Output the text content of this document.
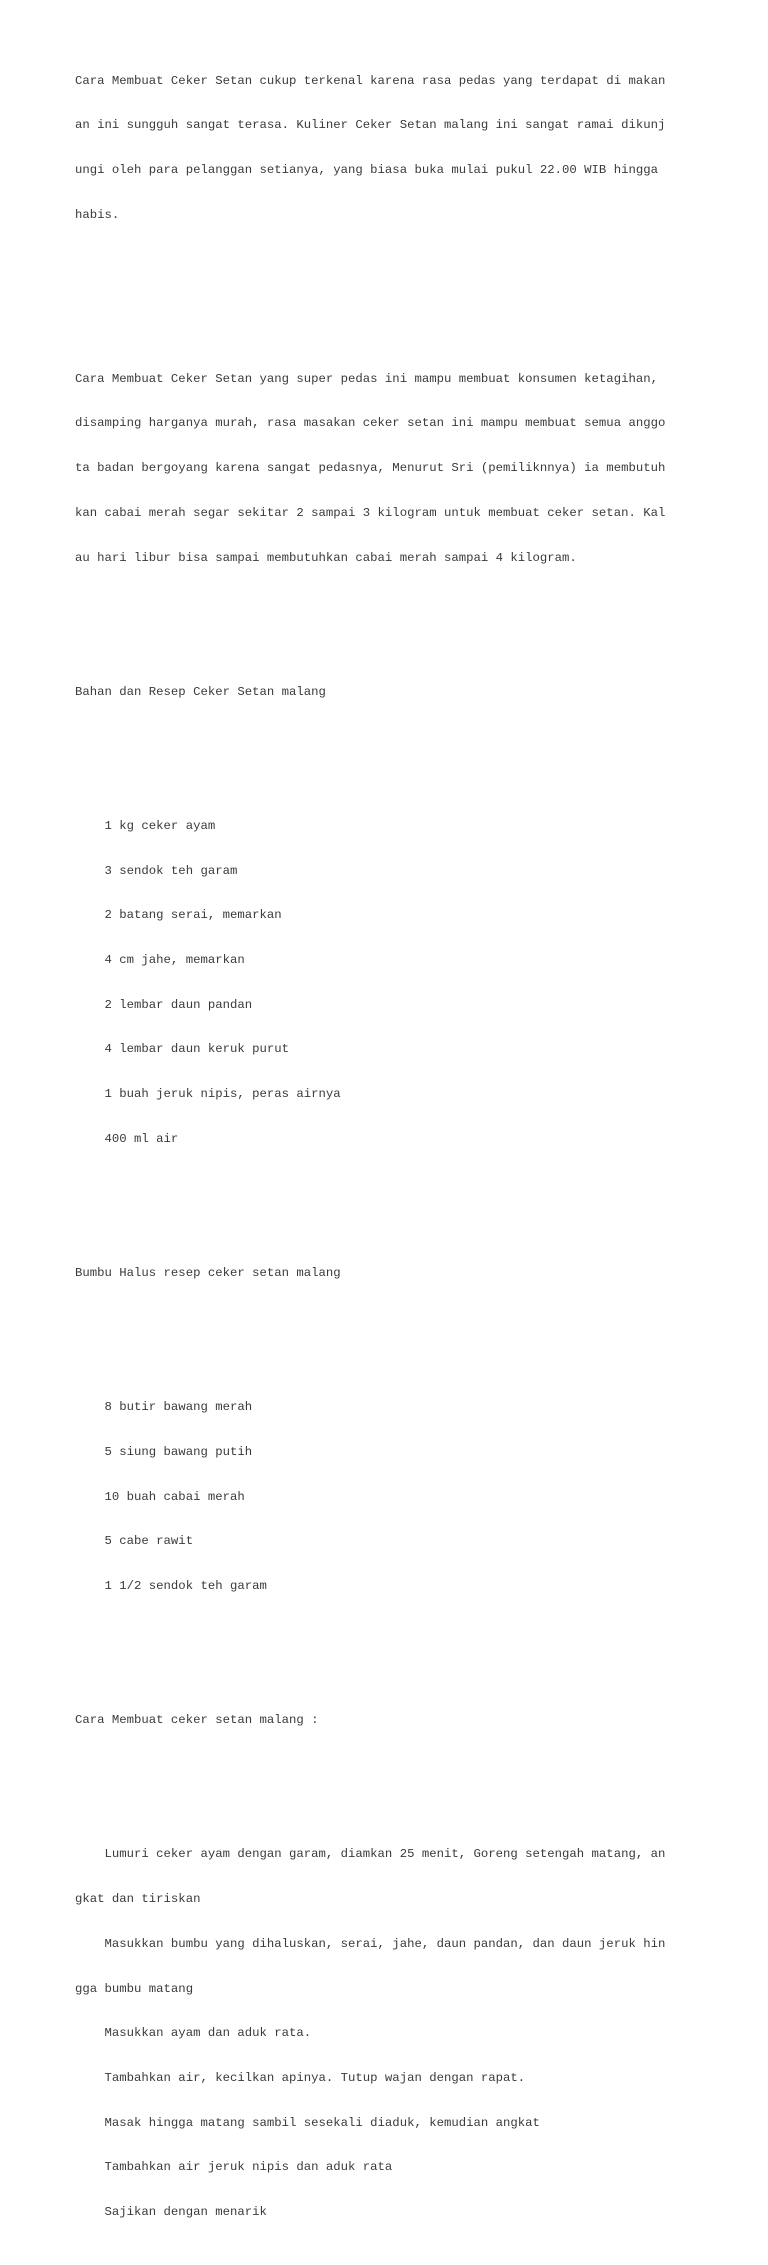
Cara Membuat Ceker Setan cukup terkenal karena rasa pedas yang terdapat di makan

an ini sungguh sangat terasa. Kuliner Ceker Setan malang ini sangat ramai dikunj

ungi oleh para pelanggan setianya, yang biasa buka mulai pukul 22.00 WIB hingga

habis.

Cara Membuat Ceker Setan yang super pedas ini mampu membuat konsumen ketagihan,

disamping harganya murah, rasa masakan ceker setan ini mampu membuat semua anggo

ta badan bergoyang karena sangat pedasnya, Menurut Sri (pemiliknnya) ia membutuh

kan cabai merah segar sekitar 2 sampai 3 kilogram untuk membuat ceker setan. Kal

au hari libur bisa sampai membutuhkan cabai merah sampai 4 kilogram.

Bahan dan Resep Ceker Setan malang

1 kg ceker ayam

3 sendok teh garam

2 batang serai, memarkan

4 cm jahe, memarkan

2 lembar daun pandan

4 lembar daun keruk purut

1 buah jeruk nipis, peras airnya

400 ml air

Bumbu Halus resep ceker setan malang

8 butir bawang merah

5 siung bawang putih

10 buah cabai merah

5 cabe rawit

1 1/2 sendok teh garam

Cara Membuat ceker setan malang :

Lumuri ceker ayam dengan garam, diamkan 25 menit, Goreng setengah matang, an

gkat dan tiriskan

Masukkan bumbu yang dihaluskan, serai, jahe, daun pandan, dan daun jeruk hin

gga bumbu matang

Masukkan ayam dan aduk rata.

Tambahkan air, kecilkan apinya. Tutup wajan dengan rapat.

Masak hingga matang sambil sesekali diaduk, kemudian angkat

Tambahkan air jeruk nipis dan aduk rata

Sajikan dengan menarik
